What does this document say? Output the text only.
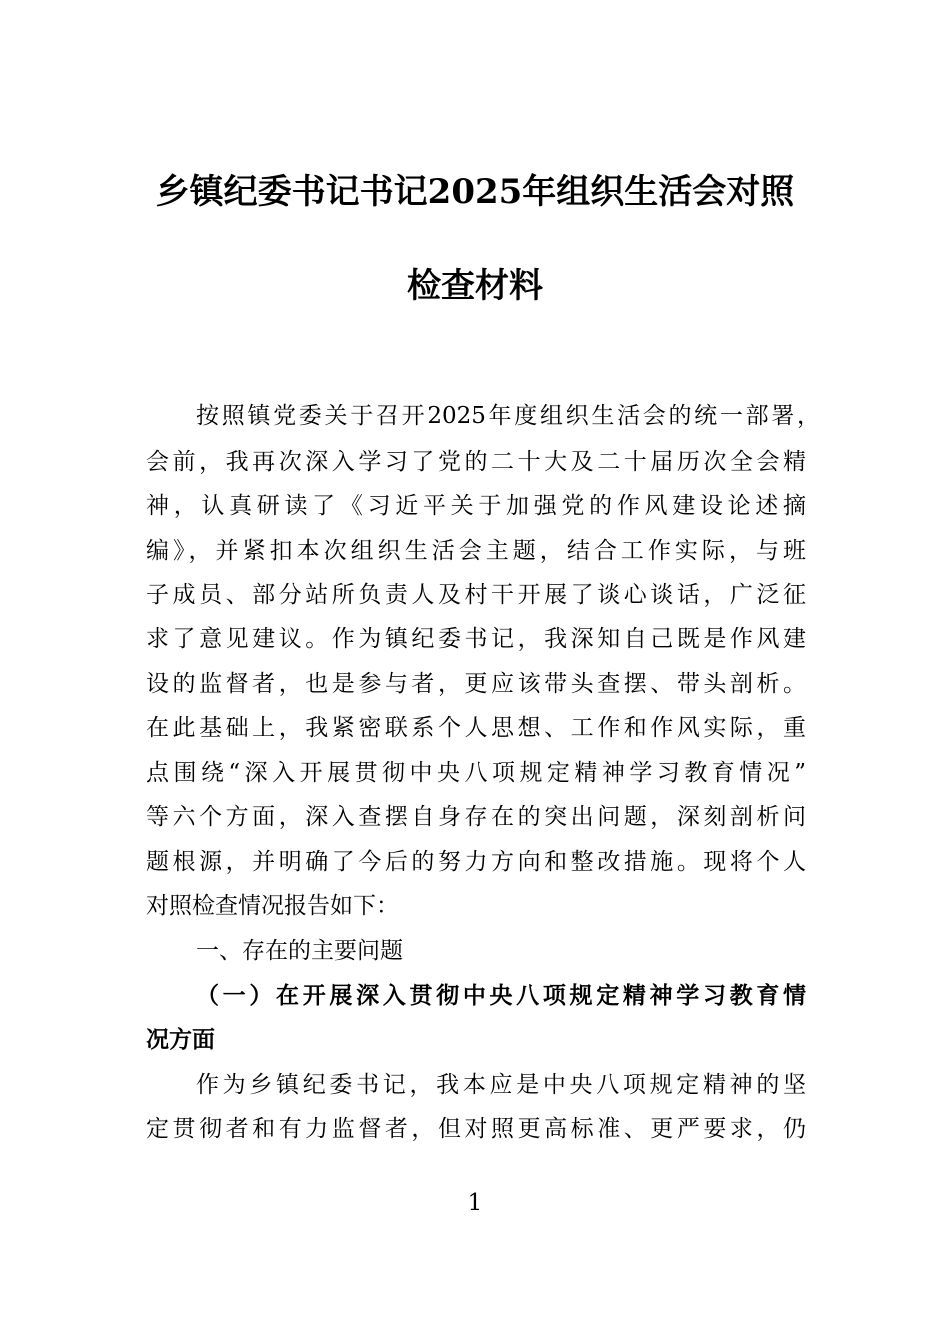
乡镇纪委书记书记2025年组织生活会对照
检查材料
按照镇党委关于召开2025年度组织生活会的统一部署，
会前，我再次深入学习了党的二十大及二十届历次全会精
神，认真研读了《习近平关于加强党的作风建设论述摘
编》，并紧扣本次组织生活会主题，结合工作实际，与班
子成员、部分站所负责人及村干开展了谈心谈话，广泛征
求了意见建议。作为镇纪委书记，我深知自己既是作风建
设的监督者，也是参与者，更应该带头查摆、带头剖析。
在此基础上，我紧密联系个人思想、工作和作风实际，重
点围绕“深入开展贯彻中央八项规定精神学习教育情况”
等六个方面，深入查摆自身存在的突出问题，深刻剖析问
题根源，并明确了今后的努力方向和整改措施。现将个人
对照检查情况报告如下：
一、存在的主要问题
（一）在开展深入贯彻中央八项规定精神学习教育情
况方面
作为乡镇纪委书记，我本应是中央八项规定精神的坚
定贯彻者和有力监督者，但对照更高标准、更严要求，仍
1
